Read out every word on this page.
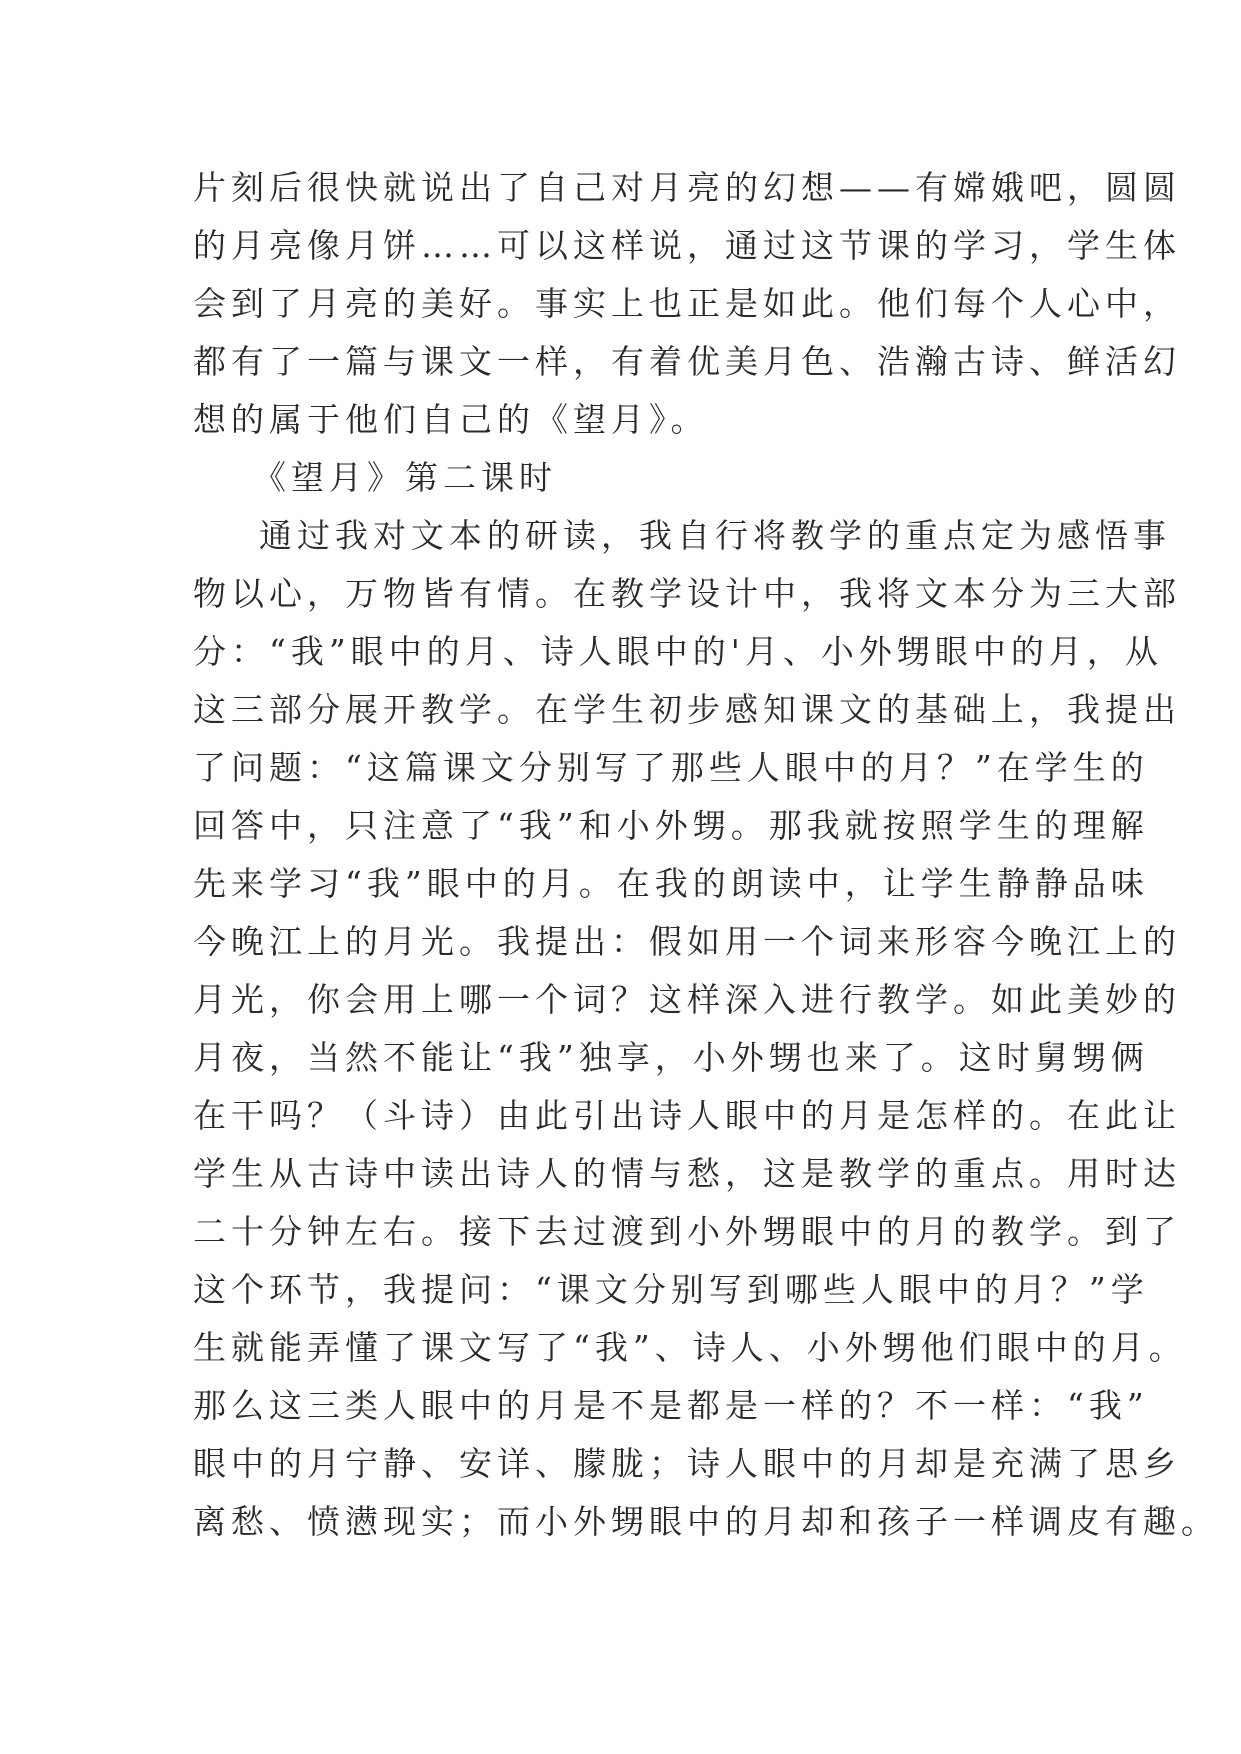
片刻后很快就说出了自己对月亮的幻想——有嫦娥吧，圆圆
的月亮像月饼……可以这样说，通过这节课的学习，学生体
会到了月亮的美好。事实上也正是如此。他们每个人心中，
都有了一篇与课文一样，有着优美月色、浩瀚古诗、鲜活幻
想的属于他们自己的《望月》。
《望月》第二课时
通过我对文本的研读，我自行将教学的重点定为感悟事
物以心，万物皆有情。在教学设计中，我将文本分为三大部
分：“我”眼中的月、诗人眼中的'月、小外甥眼中的月，从
这三部分展开教学。在学生初步感知课文的基础上，我提出
了问题：“这篇课文分别写了那些人眼中的月？”在学生的
回答中，只注意了“我”和小外甥。那我就按照学生的理解
先来学习“我”眼中的月。在我的朗读中，让学生静静品味
今晚江上的月光。我提出：假如用一个词来形容今晚江上的
月光，你会用上哪一个词？这样深入进行教学。如此美妙的
月夜，当然不能让“我”独享，小外甥也来了。这时舅甥俩
在干吗？（斗诗）由此引出诗人眼中的月是怎样的。在此让
学生从古诗中读出诗人的情与愁，这是教学的重点。用时达
二十分钟左右。接下去过渡到小外甥眼中的月的教学。到了
这个环节，我提问：“课文分别写到哪些人眼中的月？”学
生就能弄懂了课文写了“我”、诗人、小外甥他们眼中的月。
那么这三类人眼中的月是不是都是一样的？不一样：“我”
眼中的月宁静、安详、朦胧；诗人眼中的月却是充满了思乡
离愁、愤懑现实；而小外甥眼中的月却和孩子一样调皮有趣。
